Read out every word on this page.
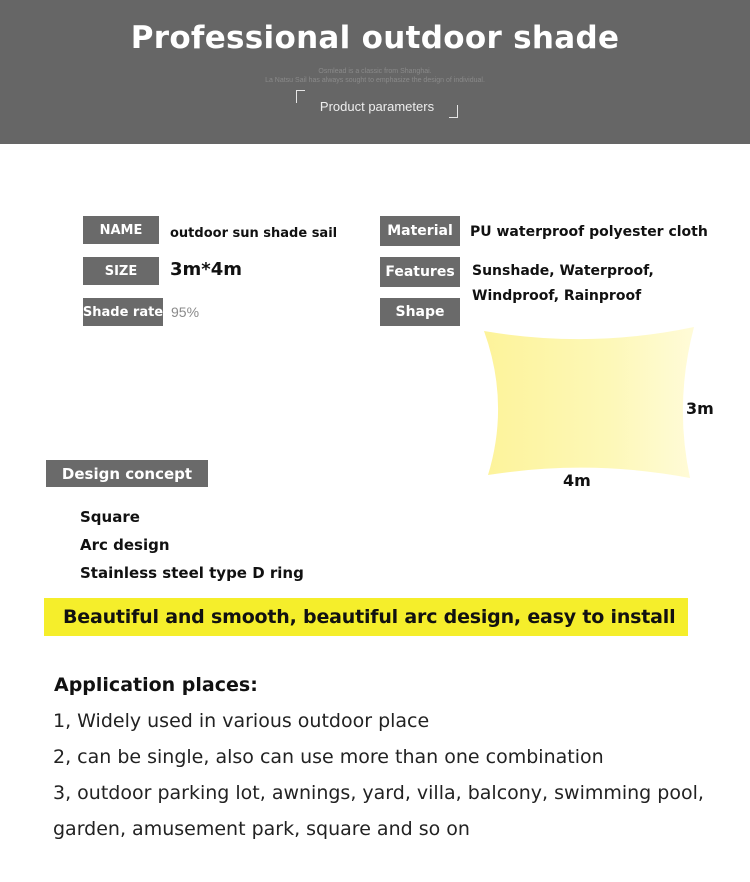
Professional outdoor shade
Osmlead is a classic from Shanghai.
La Natsu Sail has always sought to emphasize the design of individual.
Product parameters
NAME	outdoor sun shade sail
SIZE	3m*4m
Shade rate 95%
Material	PU waterproof polyester cloth
Features	Sunshade, Waterproof,
Windproof, Rainproof
Shape
3m
4m
Design concept
Square
Arc design
Stainless steel type D ring
Beautiful and smooth, beautiful arc design, easy to install
Application places:
1, Widely used in various outdoor place
2, can be single, also can use more than one combination
3, outdoor parking lot, awnings, yard, villa, balcony, swimming pool,
garden, amusement park, square and so on
